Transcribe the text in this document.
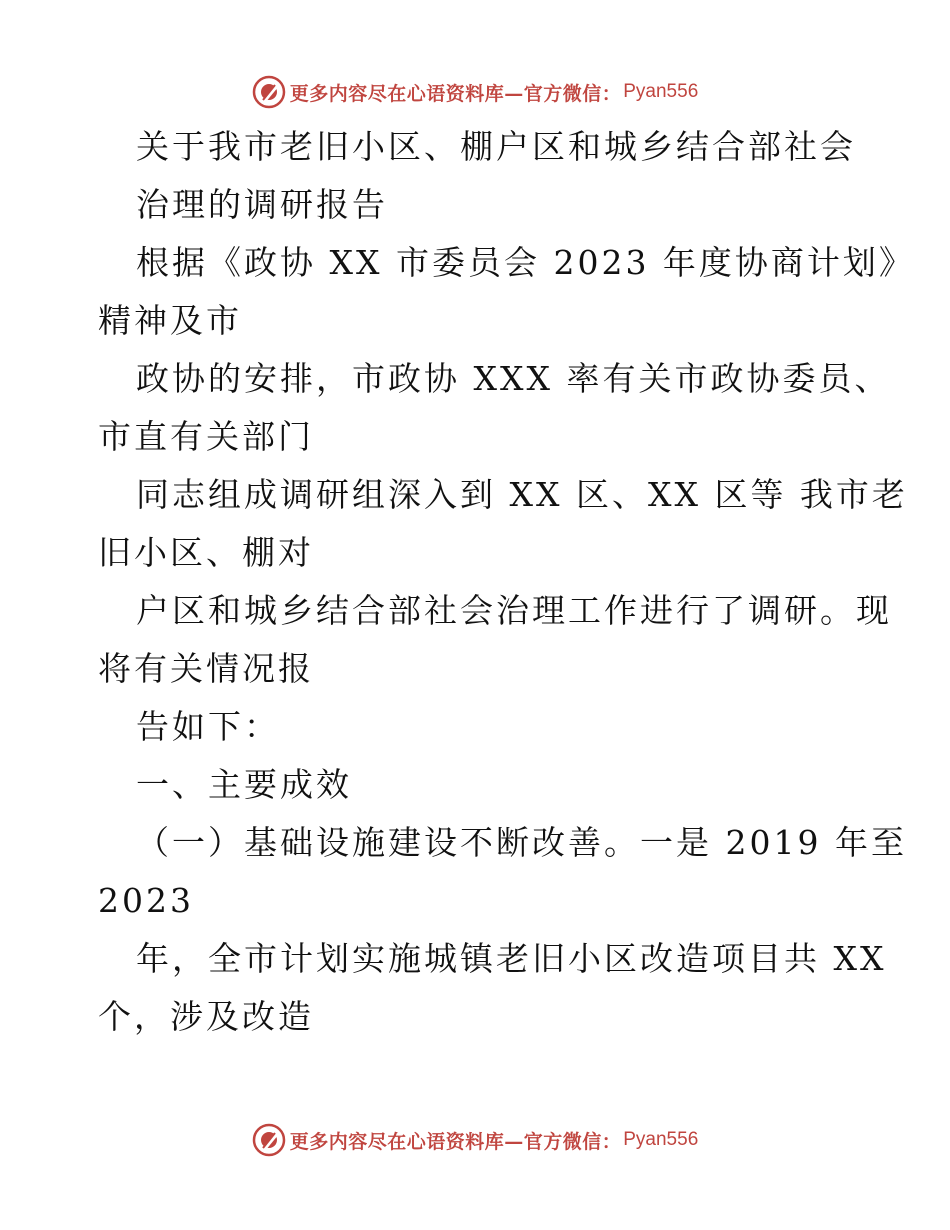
更多内容尽在心语资料库—官方微信： Pyan556
关于我市老旧小区、棚户区和城乡结合部社会
治理的调研报告
根据《政协 XX 市委员会 2023 年度协商计划》
精神及市
政协的安排，市政协 XXX 率有关市政协委员、
市直有关部门
同志组成调研组深入到 XX 区、XX 区等 我市老
旧小区、棚对
户区和城乡结合部社会治理工作进行了调研。现
将有关情况报
告如下：
一、主要成效
（一）基础设施建设不断改善。一是 2019 年至
2023
年，全市计划实施城镇老旧小区改造项目共 XX
个，涉及改造
更多内容尽在心语资料库—官方微信： Pyan556
